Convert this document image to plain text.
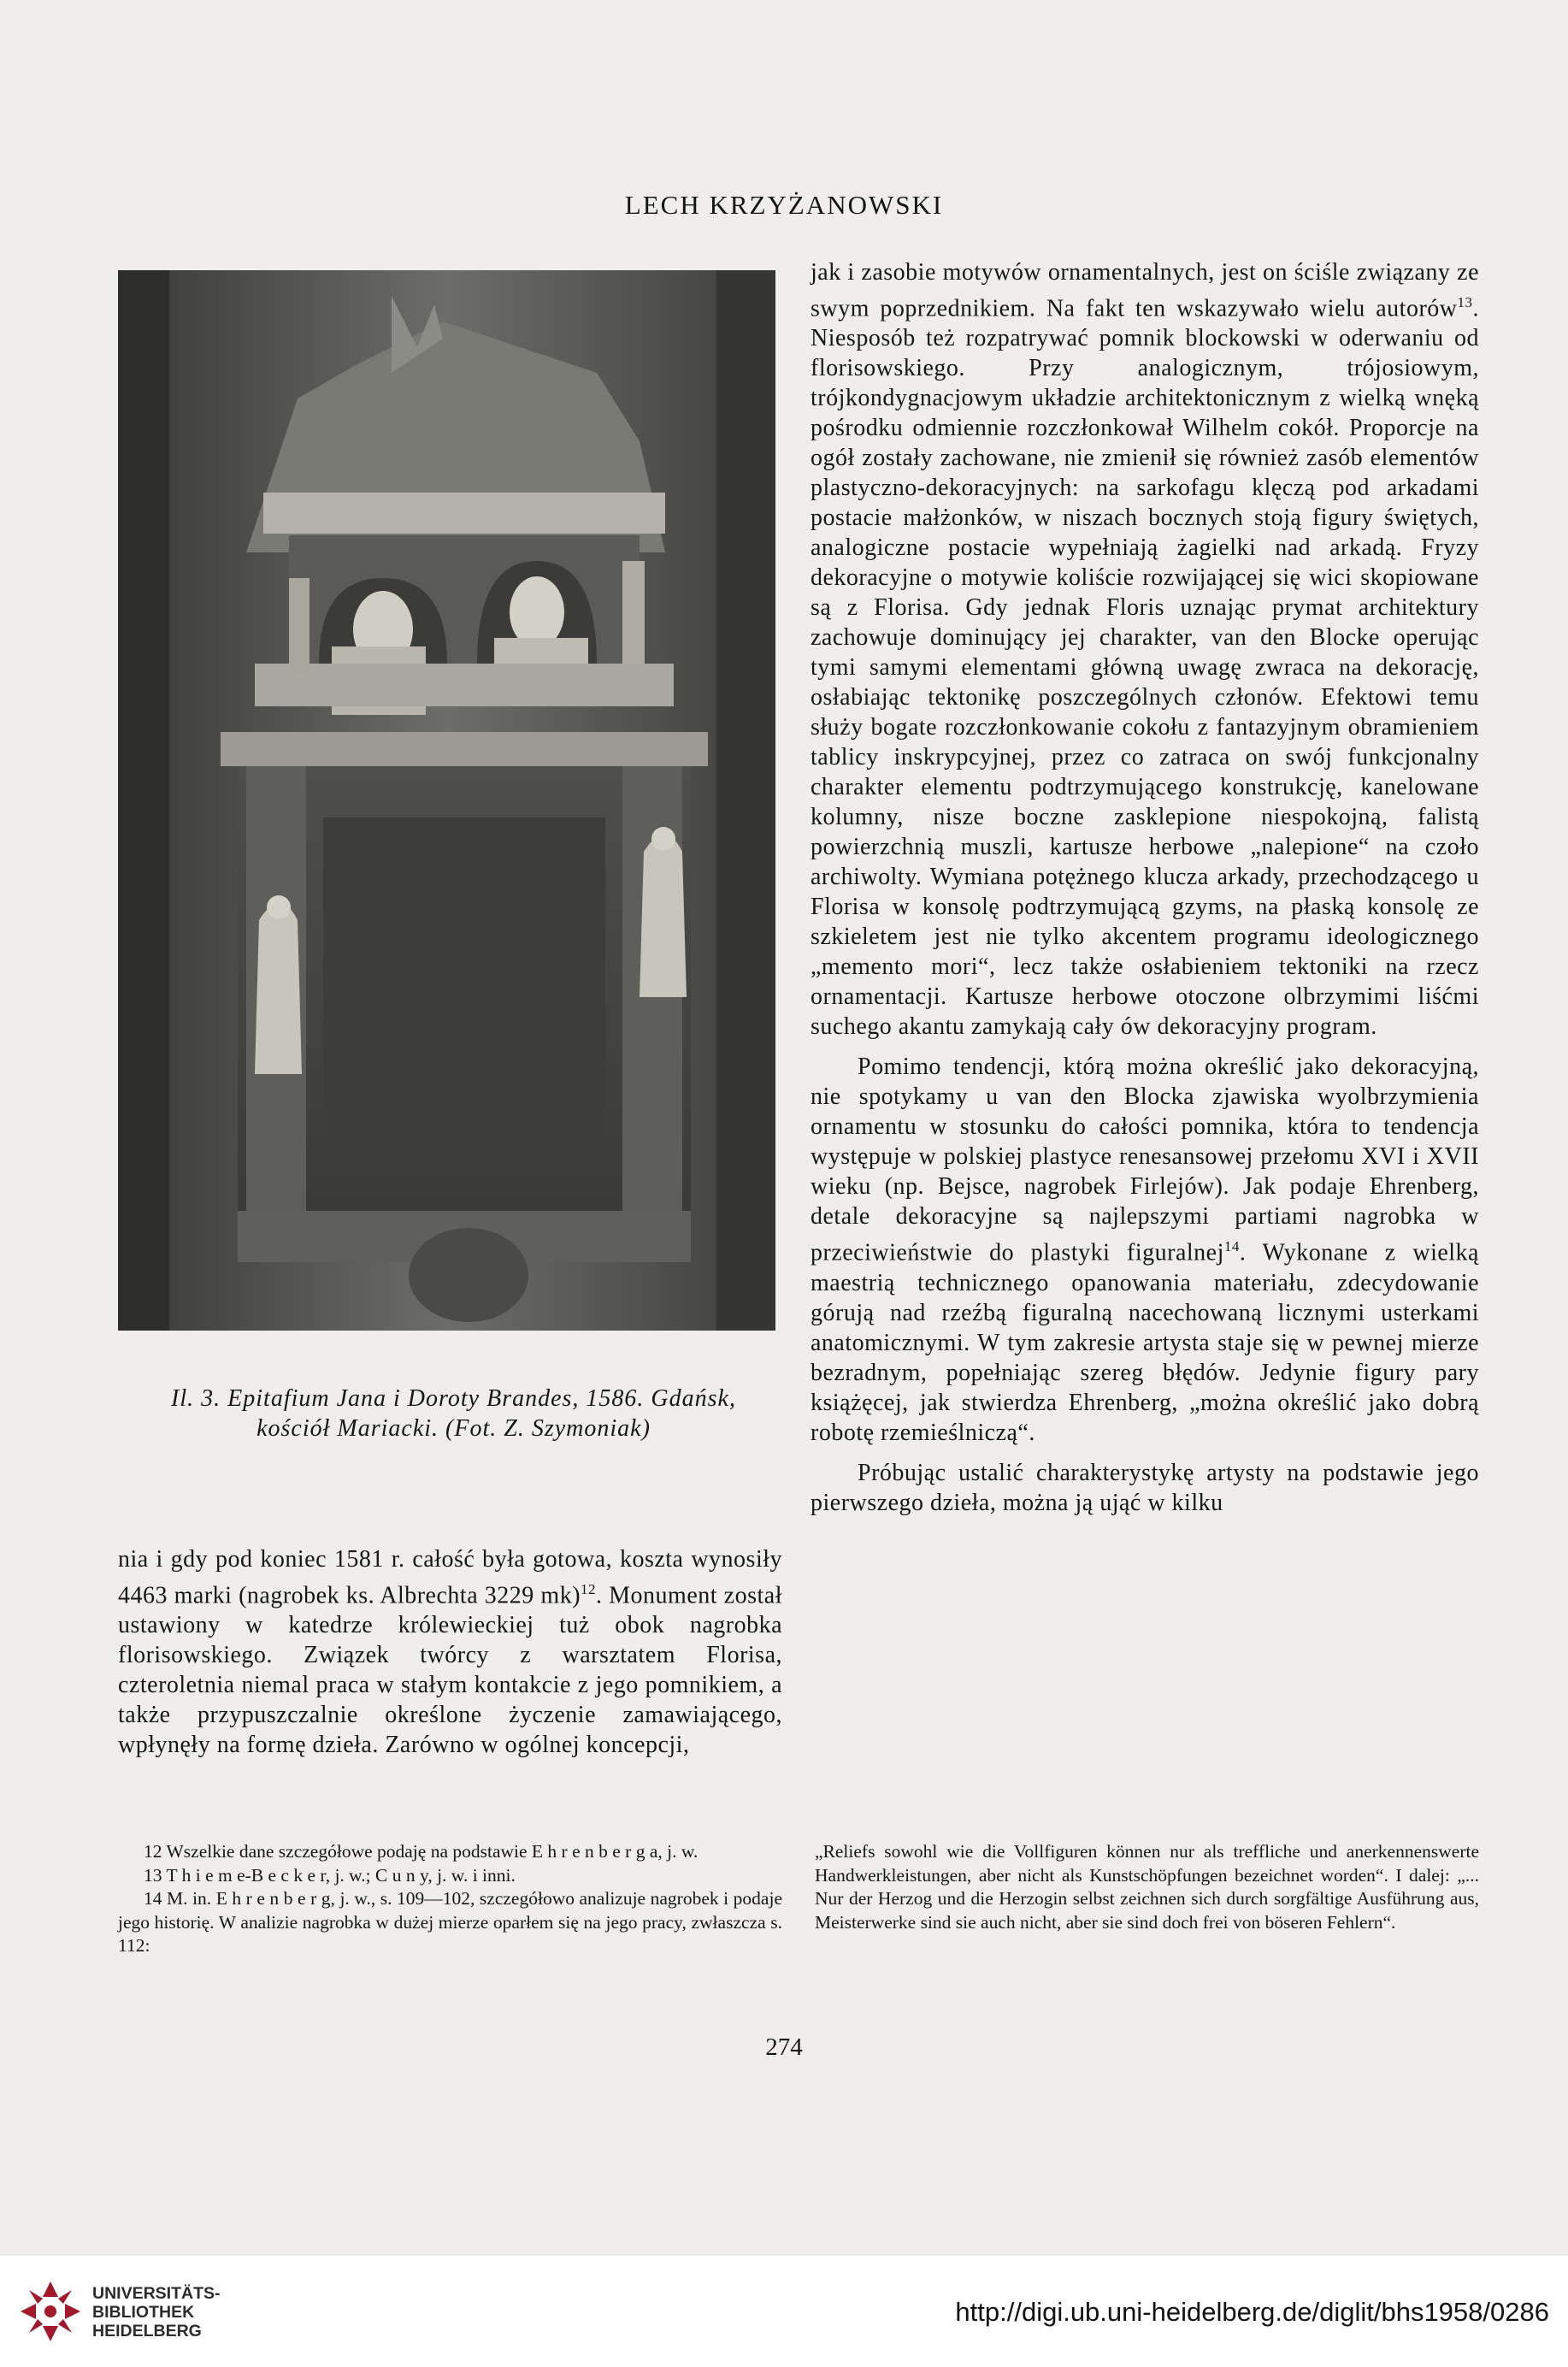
LECH KRZYŻANOWSKI
Il. 3. Epitafium Jana i Doroty Brandes, 1586. Gdańsk,
kościół Mariacki. (Fot. Z. Szymoniak)

jak i zasobie motywów ornamentalnych, jest on ściśle związany ze swym poprzednikiem. Na fakt ten wskazywało wielu autorów$^{13}$. Niesposób też rozpatrywać pomnik blockowski w oderwaniu od florisowskiego. Przy analogicznym, trójosiowym, trójkondygnacjowym układzie architektonicznym z wielką wnęką pośrodku odmiennie rozczłonkował Wilhelm cokół. Proporcje na ogół zostały zachowane, nie zmienił się również zasób elementów plastyczno-dekoracyjnych: na sarkofagu klęczą pod arkadami postacie małżonków, w niszach bocznych stoją figury świętych, analogiczne postacie wypełniają żagielki nad arkadą. Fryzy dekoracyjne o motywie koliście rozwijającej się wici skopiowane są z Florisa. Gdy jednak Floris uznając prymat architektury zachowuje dominujący jej charakter, van den Blocke operując tymi samymi elementami główną uwagę zwraca na dekorację, osłabiając tektonikę poszczególnych członów. Efektowi temu służy bogate rozczłonkowanie cokołu z fantazyjnym obramieniem tablicy inskrypcyjnej, przez co zatraca on swój funkcjonalny charakter elementu podtrzymującego konstrukcję, kanelowane kolumny, nisze boczne zasklepione niespokojną, falistą powierzchnią muszli, kartusze herbowe „nalepione“ na czoło archiwolty. Wymiana potężnego klucza arkady, przechodzącego u Florisa w konsolę podtrzymującą gzyms, na płaską konsolę ze szkieletem jest nie tylko akcentem programu ideologicznego „memento mori“, lecz także osłabieniem tektoniki na rzecz ornamentacji. Kartusze herbowe otoczone olbrzymimi liśćmi suchego akantu zamykają cały ów dekoracyjny program.

Pomimo tendencji, którą można określić jako dekoracyjną, nie spotykamy u van den Blocka zjawiska wyolbrzymienia ornamentu w stosunku do całości pomnika, która to tendencja występuje w polskiej plastyce renesansowej przełomu XVI i XVII wieku (np. Bejsce, nagrobek Firlejów). Jak podaje Ehrenberg, detale dekoracyjne są najlepszymi partiami nagrobka w przeciwieństwie do plastyki figuralnej$^{14}$. Wykonane z wielką maestrią technicznego opanowania materiału, zdecydowanie górują nad rzeźbą figuralną nacechowaną licznymi usterkami anatomicznymi. W tym zakresie artysta staje się w pewnej mierze bezradnym, popełniając szereg błędów. Jedynie figury pary książęcej, jak stwierdza Ehrenberg, „można określić jako dobrą robotę rzemieślniczą“.

Próbując ustalić charakterystykę artysty na podstawie jego pierwszego dzieła, można ją ująć w kilku

nia i gdy pod koniec 1581 r. całość była gotowa, koszta wynosiły 4463 marki (nagrobek ks. Albrechta 3229 mk)$^{12}$. Monument został ustawiony w katedrze królewieckiej tuż obok nagrobka florisowskiego. Związek twórcy z warsztatem Florisa, czteroletnia niemal praca w stałym kontakcie z jego pomnikiem, a także przypuszczalnie określone życzenie zamawiającego, wpłynęły na formę dzieła. Zarówno w ogólnej koncepcji,

12 Wszelkie dane szczegółowe podaję na podstawie E h r e n b e r g a, j. w.

13 T h i e m e-B e c k e r, j. w.; C u n y, j. w. i inni.

14 M. in. E h r e n b e r g, j. w., s. 109—102, szczegółowo analizuje nagrobek i podaje jego historię. W analizie nagrobka w dużej mierze oparłem się na jego pracy, zwłaszcza s. 112:

„Reliefs sowohl wie die Vollfiguren können nur als treffliche und anerkennenswerte Handwerkleistungen, aber nicht als Kunstschöpfungen bezeichnet worden“. I dalej: „... Nur der Herzog und die Herzogin selbst zeichnen sich durch sorgfältige Ausführung aus, Meisterwerke sind sie auch nicht, aber sie sind doch frei von böseren Fehlern“.

274
UNIVERSITÄTS-
BIBLIOTHEK
HEIDELBERG
http://digi.ub.uni-heidelberg.de/diglit/bhs1958/0286
